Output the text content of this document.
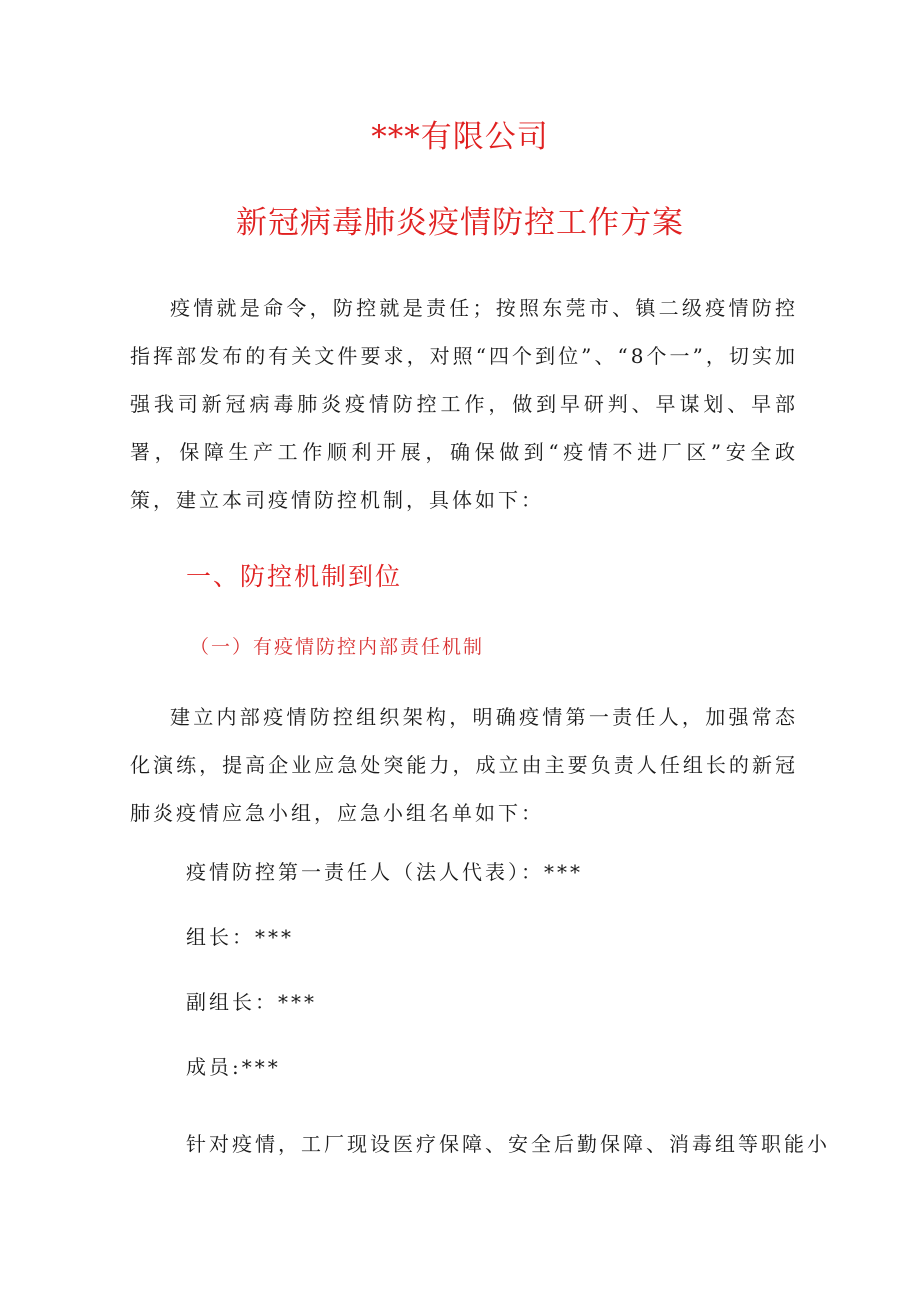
***有限公司
新冠病毒肺炎疫情防控工作方案

疫情就是命令，防控就是责任；按照东莞市、镇二级疫情防控指挥部发布的有关文件要求，对照“四个到位”、“8个一”，切实加强我司新冠病毒肺炎疫情防控工作，做到早研判、早谋划、早部署，保障生产工作顺利开展，确保做到“疫情不进厂区”安全政策，建立本司疫情防控机制，具体如下：

一、防控机制到位
（一）有疫情防控内部责任机制

建立内部疫情防控组织架构，明确疫情第一责任人，加强常态化演练，提高企业应急处突能力，成立由主要负责人任组长的新冠肺炎疫情应急小组，应急小组名单如下：

疫情防控第一责任人（法人代表）：***
组长：***
副组长：***
成员:***
针对疫情，工厂现设医疗保障、安全后勤保障、消毒组等职能小
